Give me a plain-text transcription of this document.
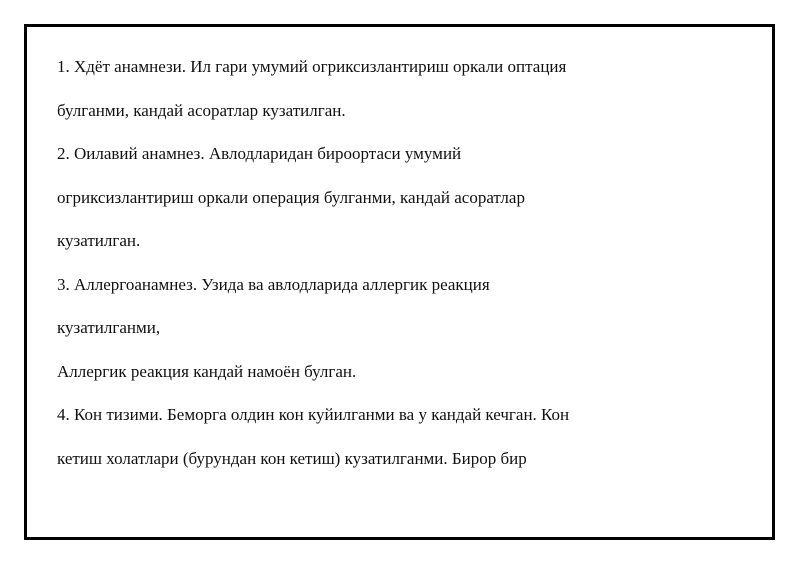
1. Хдёт анамнези. Ил гари умумий огриксизлантириш оркали оптация
булганми, кандай асоратлар кузатилган.
2. Оилавий анамнез. Авлодларидан бироортаси умумий
огриксизлантириш оркали операция булганми, кандай асоратлар
кузатилган.
3. Аллергоанамнез. Узида ва авлодларида аллергик реакция
кузатилганми,
Аллергик реакция кандай намоён булган.
4. Кон тизими. Беморга олдин кон куйилганми ва у кандай кечган. Кон
кетиш холатлари (бурундан кон кетиш) кузатилганми. Бирор бир
